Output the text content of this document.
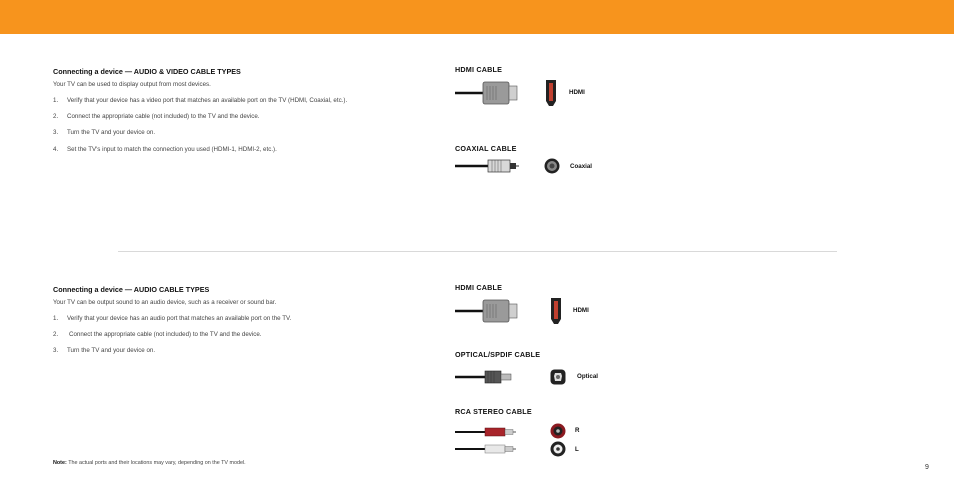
Connecting a device — AUDIO & VIDEO CABLE TYPES
Your TV can be used to display output from most devices.
1. Verify that your device has a video port that matches an available port on the TV (HDMI, Coaxial, etc.).
2. Connect the appropriate cable (not included) to the TV and the device.
3. Turn the TV and your device on.
4. Set the TV's input to match the connection you used (HDMI-1, HDMI-2, etc.).
HDMI CABLE
HDMI
COAXIAL CABLE
Coaxial
Connecting a device — AUDIO CABLE TYPES
Your TV can be output sound to an audio device, such as a receiver or sound bar.
1. Verify that your device has an audio port that matches an available port on the TV.
2. Connect the appropriate cable (not included) to the TV and the device.
3. Turn the TV and your device on.
HDMI CABLE
HDMI
OPTICAL/SPDIF CABLE
Optical
RCA STEREO CABLE
R
L
Note: The actual ports and their locations may vary, depending on the TV model.
9
